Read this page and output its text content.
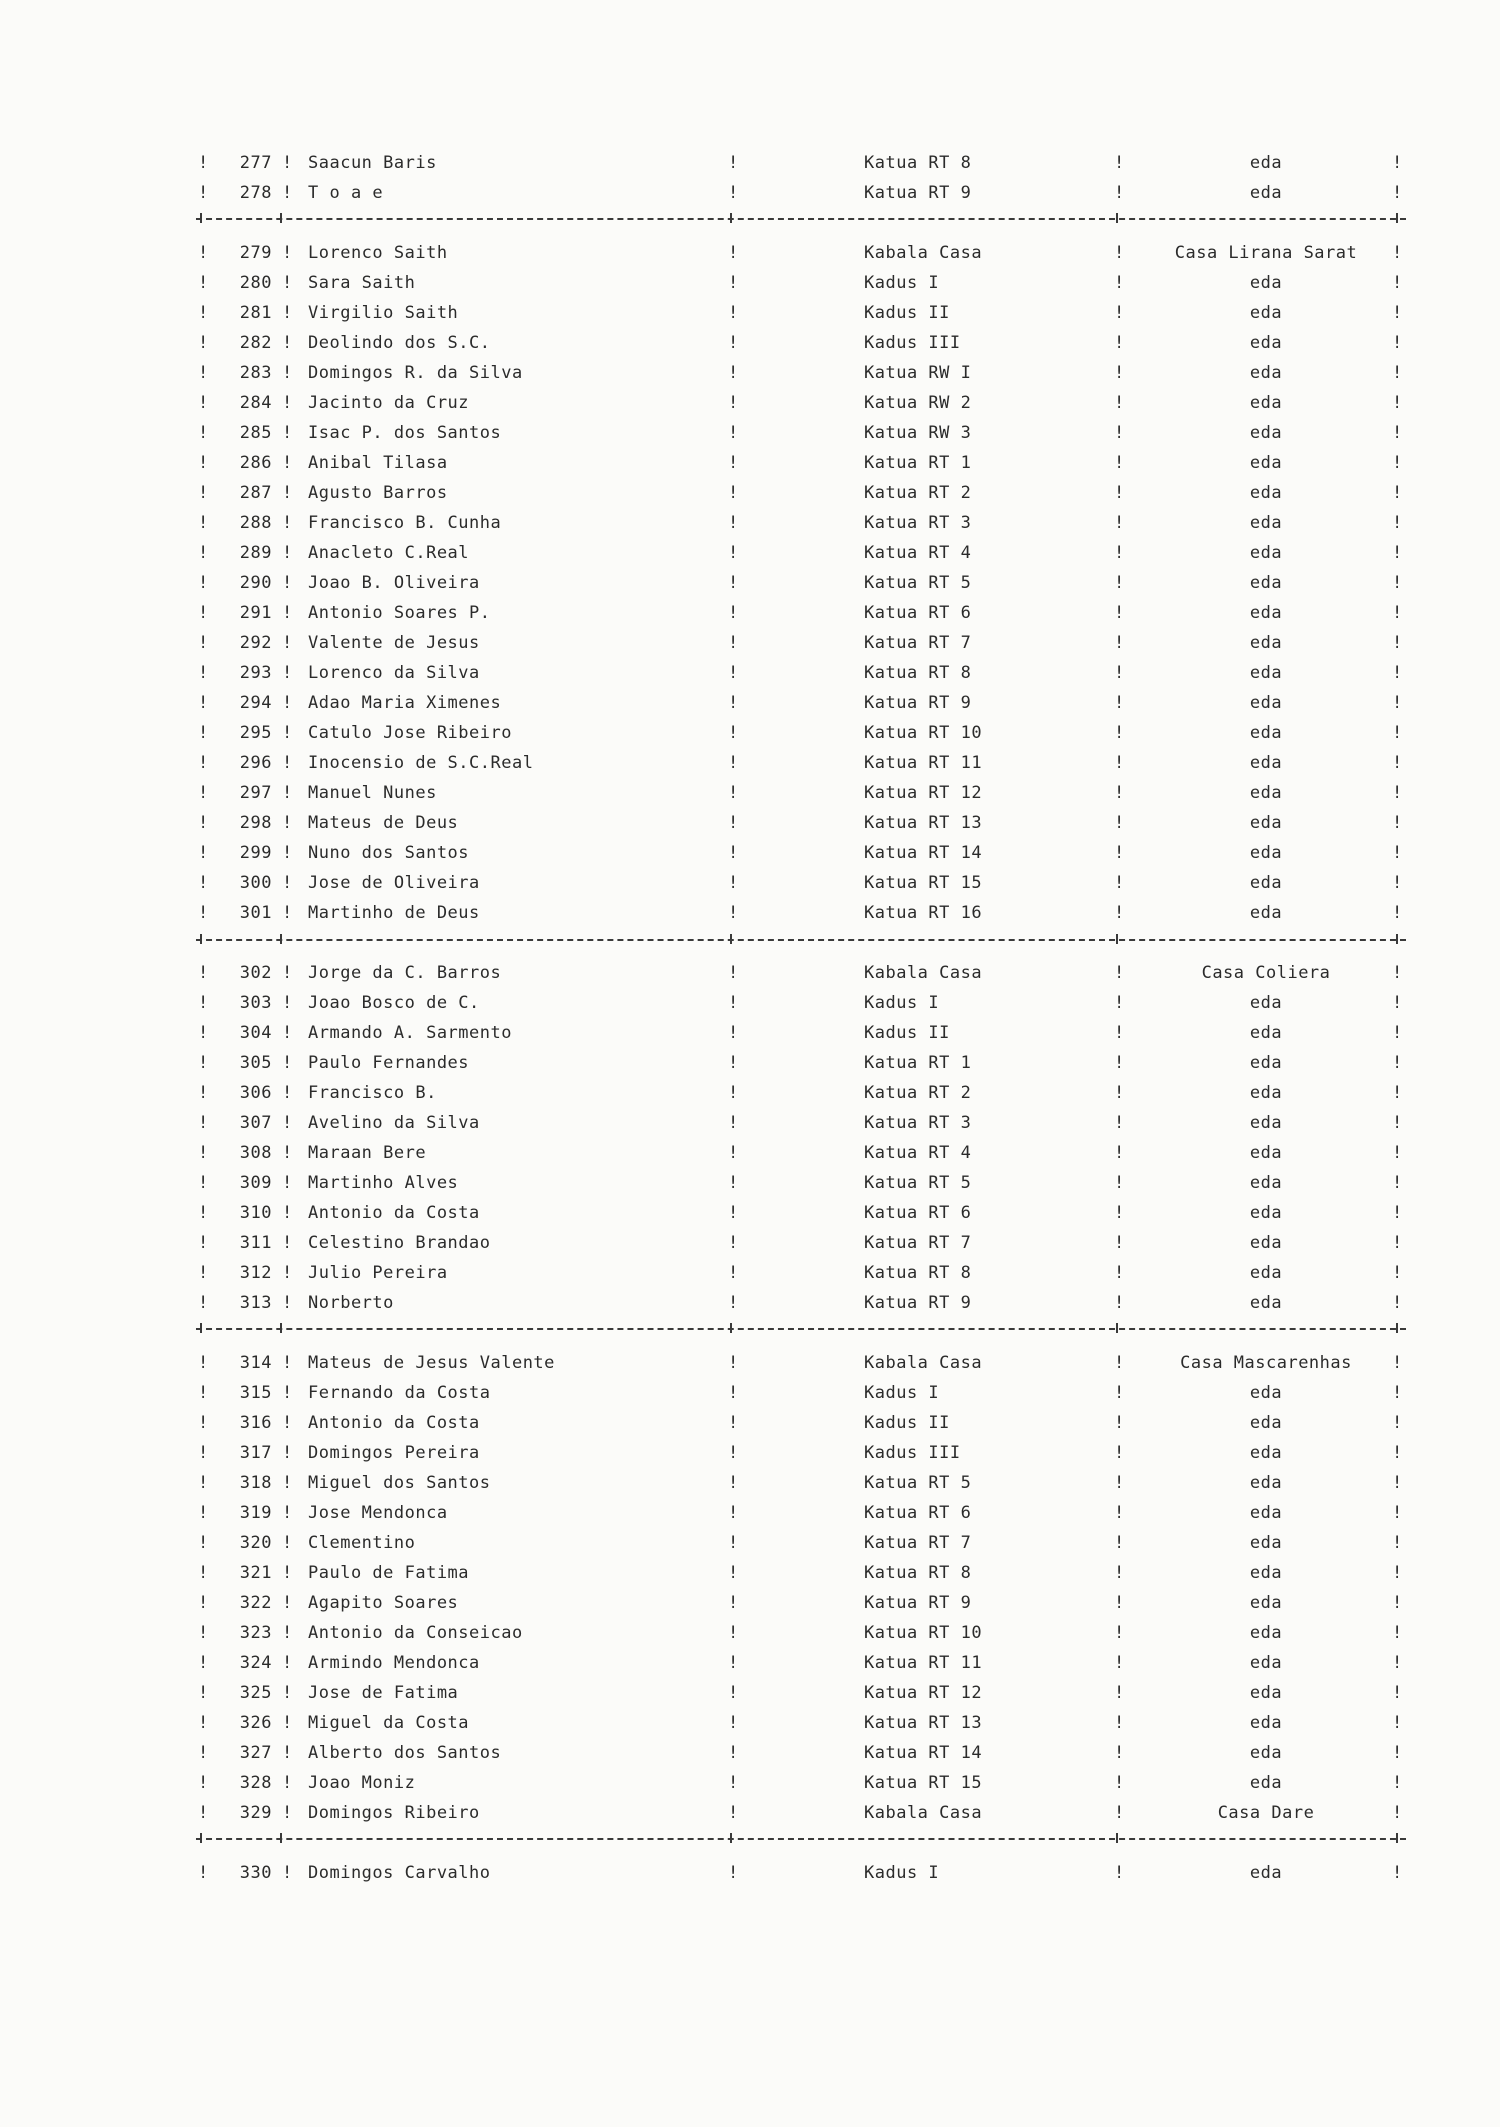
!	277 ! Saacun Baris	!	Katua RT 8	!	eda	!
!	278 ! T o a e	!	Katua RT 9	!	eda	!
!	279 ! Lorenco Saith	!	Kabala Casa	!	Casa Lirana Sarat	!
!	280 ! Sara Saith	!	Kadus I	!	eda	!
!	281 ! Virgilio Saith	!	Kadus II	!	eda	!
!	282 ! Deolindo dos S.C.	!	Kadus III	!	eda	!
!	283 ! Domingos R. da Silva	!	Katua RW I	!	eda	!
!	284 ! Jacinto da Cruz	!	Katua RW 2	!	eda	!
!	285 ! Isac P. dos Santos	!	Katua RW 3	!	eda	!
!	286 ! Anibal Tilasa	!	Katua RT 1	!	eda	!
!	287 ! Agusto Barros	!	Katua RT 2	!	eda	!
!	288 ! Francisco B. Cunha	!	Katua RT 3	!	eda	!
!	289 ! Anacleto C.Real	!	Katua RT 4	!	eda	!
!	290 ! Joao B. Oliveira	!	Katua RT 5	!	eda	!
!	291 ! Antonio Soares P.	!	Katua RT 6	!	eda	!
!	292 ! Valente de Jesus	!	Katua RT 7	!	eda	!
!	293 ! Lorenco da Silva	!	Katua RT 8	!	eda	!
!	294 ! Adao Maria Ximenes	!	Katua RT 9	!	eda	!
!	295 ! Catulo Jose Ribeiro	!	Katua RT 10	!	eda	!
!	296 ! Inocensio de S.C.Real	!	Katua RT 11	!	eda	!
!	297 ! Manuel Nunes	!	Katua RT 12	!	eda	!
!	298 ! Mateus de Deus	!	Katua RT 13	!	eda	!
!	299 ! Nuno dos Santos	!	Katua RT 14	!	eda	!
!	300 ! Jose de Oliveira	!	Katua RT 15	!	eda	!
!	301 ! Martinho de Deus	!	Katua RT 16	!	eda	!
!	302 ! Jorge da C. Barros	!	Kabala Casa	!	Casa Coliera	!
!	303 ! Joao Bosco de C.	!	Kadus I	!	eda	!
!	304 ! Armando A. Sarmento	!	Kadus II	!	eda	!
!	305 ! Paulo Fernandes	!	Katua RT 1	!	eda	!
!	306 ! Francisco B.	!	Katua RT 2	!	eda	!
!	307 ! Avelino da Silva	!	Katua RT 3	!	eda	!
!	308 ! Maraan Bere	!	Katua RT 4	!	eda	!
!	309 ! Martinho Alves	!	Katua RT 5	!	eda	!
!	310 ! Antonio da Costa	!	Katua RT 6	!	eda	!
!	311 ! Celestino Brandao	!	Katua RT 7	!	eda	!
!	312 ! Julio Pereira	!	Katua RT 8	!	eda	!
!	313 ! Norberto	!	Katua RT 9	!	eda	!
!	314 ! Mateus de Jesus Valente	!	Kabala Casa	!	Casa Mascarenhas	!
!	315 ! Fernando da Costa	!	Kadus I	!	eda	!
!	316 ! Antonio da Costa	!	Kadus II	!	eda	!
!	317 ! Domingos Pereira	!	Kadus III	!	eda	!
!	318 ! Miguel dos Santos	!	Katua RT 5	!	eda	!
!	319 ! Jose Mendonca	!	Katua RT 6	!	eda	!
!	320 ! Clementino	!	Katua RT 7	!	eda	!
!	321 ! Paulo de Fatima	!	Katua RT 8	!	eda	!
!	322 ! Agapito Soares	!	Katua RT 9	!	eda	!
!	323 ! Antonio da Conseicao	!	Katua RT 10	!	eda	!
!	324 ! Armindo Mendonca	!	Katua RT 11	!	eda	!
!	325 ! Jose de Fatima	!	Katua RT 12	!	eda	!
!	326 ! Miguel da Costa	!	Katua RT 13	!	eda	!
!	327 ! Alberto dos Santos	!	Katua RT 14	!	eda	!
!	328 ! Joao Moniz	!	Katua RT 15	!	eda	!
!	329 ! Domingos Ribeiro	!	Kabala Casa	!	Casa Dare	!
!	330 ! Domingos Carvalho	!	Kadus I	!	eda	!
